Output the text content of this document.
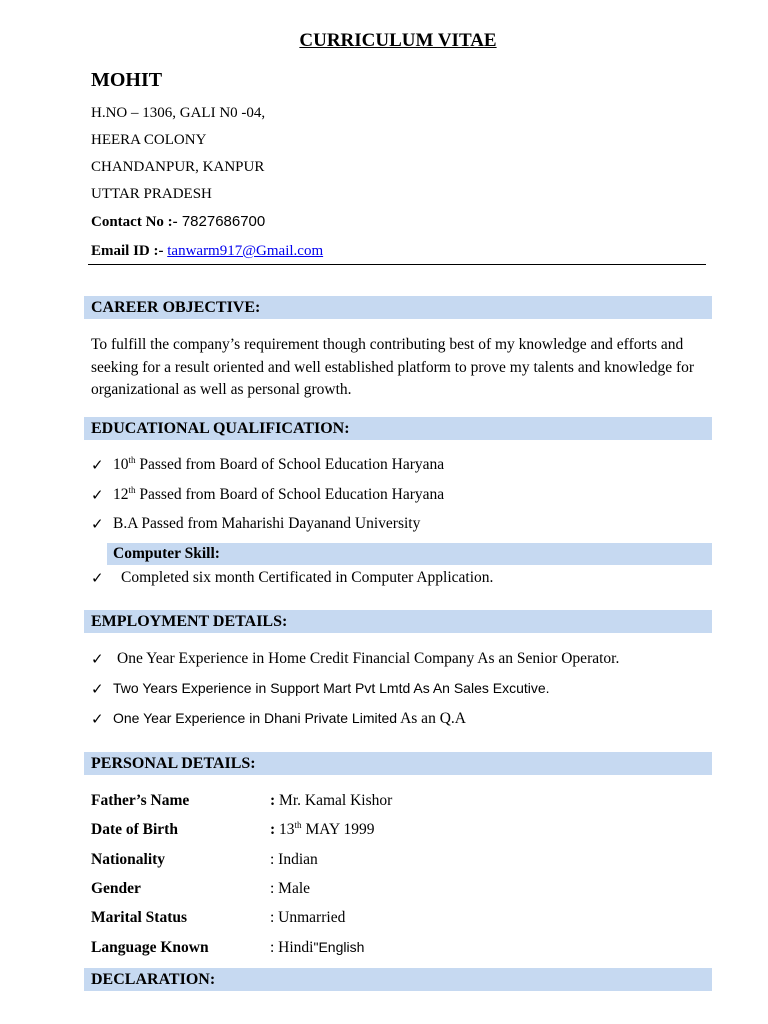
CURRICULUM VITAE
MOHIT
H.NO – 1306, GALI N0 -04,
HEERA COLONY
CHANDANPUR, KANPUR
UTTAR PRADESH
Contact No :- 7827686700
Email ID :- tanwarm917@Gmail.com
CAREER OBJECTIVE:
To fulfill the company’s requirement though contributing best of my knowledge and efforts and seeking for a result oriented and well established platform to prove my talents and knowledge for organizational as well as personal growth.
EDUCATIONAL QUALIFICATION:
✓ 10th Passed from Board of School Education Haryana
✓ 12th Passed from Board of School Education Haryana
✓ B.A Passed from Maharishi Dayanand University
Computer Skill:
✓ Completed six month Certificated in Computer Application.
EMPLOYMENT DETAILS:
✓ One Year Experience in Home Credit Financial Company As an Senior Operator.
✓ Two Years Experience in Support Mart Pvt Lmtd As An Sales Excutive.
✓ One Year Experience in Dhani Private Limited As an Q.A
PERSONAL DETAILS:
Father’s Name	: Mr. Kamal Kishor
Date of Birth	: 13th MAY 1999
Nationality	: Indian
Gender	: Male
Marital Status	: Unmarried
Language Known	: Hindi"English
DECLARATION:
